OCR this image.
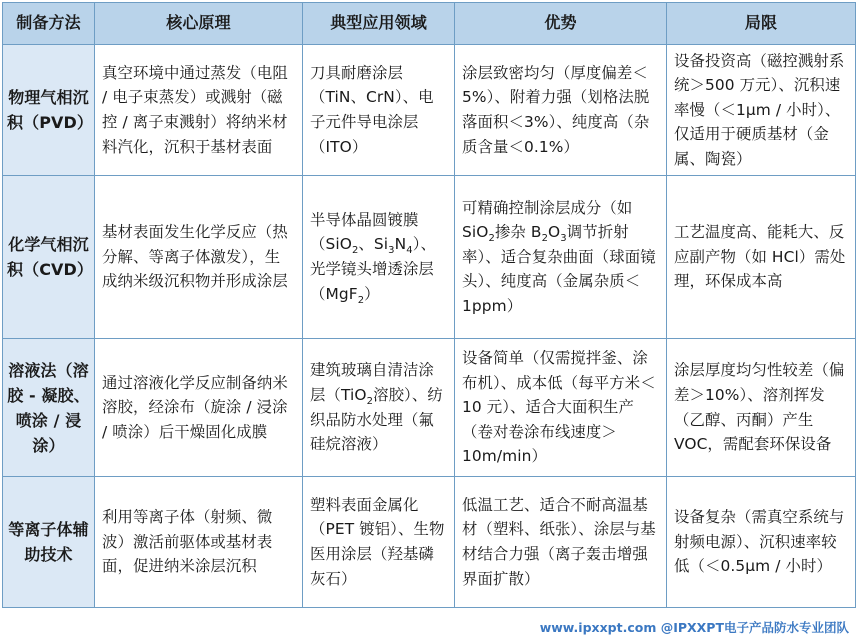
制备方法	核心原理	典型应用领域	优势	局限
物理气相沉积（PVD）	真空环境中通过蒸发（电阻 / 电子束蒸发）或溅射（磁控 / 离子束溅射）将纳米材料汽化，沉积于基材表面	刀具耐磨涂层（TiN、CrN）、电子元件导电涂层（ITO）	涂层致密均匀（厚度偏差＜5%）、附着力强（划格法脱落面积＜3%）、纯度高（杂质含量＜0.1%）	设备投资高（磁控溅射系统＞500 万元）、沉积速率慢（＜1μm / 小时）、仅适用于硬质基材（金属、陶瓷）
化学气相沉积（CVD）	基材表面发生化学反应（热分解、等离子体激发），生成纳米级沉积物并形成涂层	半导体晶圆镀膜（SiO$_2$、$Si_3N_4$）、光学镜头增透涂层（MgF$_2$）	可精确控制涂层成分（如 SiO$_2$掺杂 $B_2O_3$调节折射率）、适合复杂曲面（球面镜头）、纯度高（金属杂质＜1ppm）	工艺温度高、能耗大、反应副产物（如 HCl）需处理，环保成本高
溶液法（溶胶 - 凝胶、喷涂 / 浸涂）	通过溶液化学反应制备纳米溶胶，经涂布（旋涂 / 浸涂 / 喷涂）后干燥固化成膜	建筑玻璃自清洁涂层（TiO$_2$溶胶）、纺织品防水处理（氟硅烷溶液）	设备简单（仅需搅拌釜、涂布机）、成本低（每平方米＜10 元）、适合大面积生产（卷对卷涂布线速度＞10m/min）	涂层厚度均匀性较差（偏差＞10%）、溶剂挥发（乙醇、丙酮）产生 VOC，需配套环保设备
等离子体辅助技术	利用等离子体（射频、微波）激活前驱体或基材表面，促进纳米涂层沉积	塑料表面金属化（PET 镀铝）、生物医用涂层（羟基磷灰石）	低温工艺、适合不耐高温基材（塑料、纸张）、涂层与基材结合力强（离子轰击增强界面扩散）	设备复杂（需真空系统与射频电源）、沉积速率较低（＜0.5μm / 小时）
www.ipxxpt.com @IPXXPT电子产品防水专业团队
